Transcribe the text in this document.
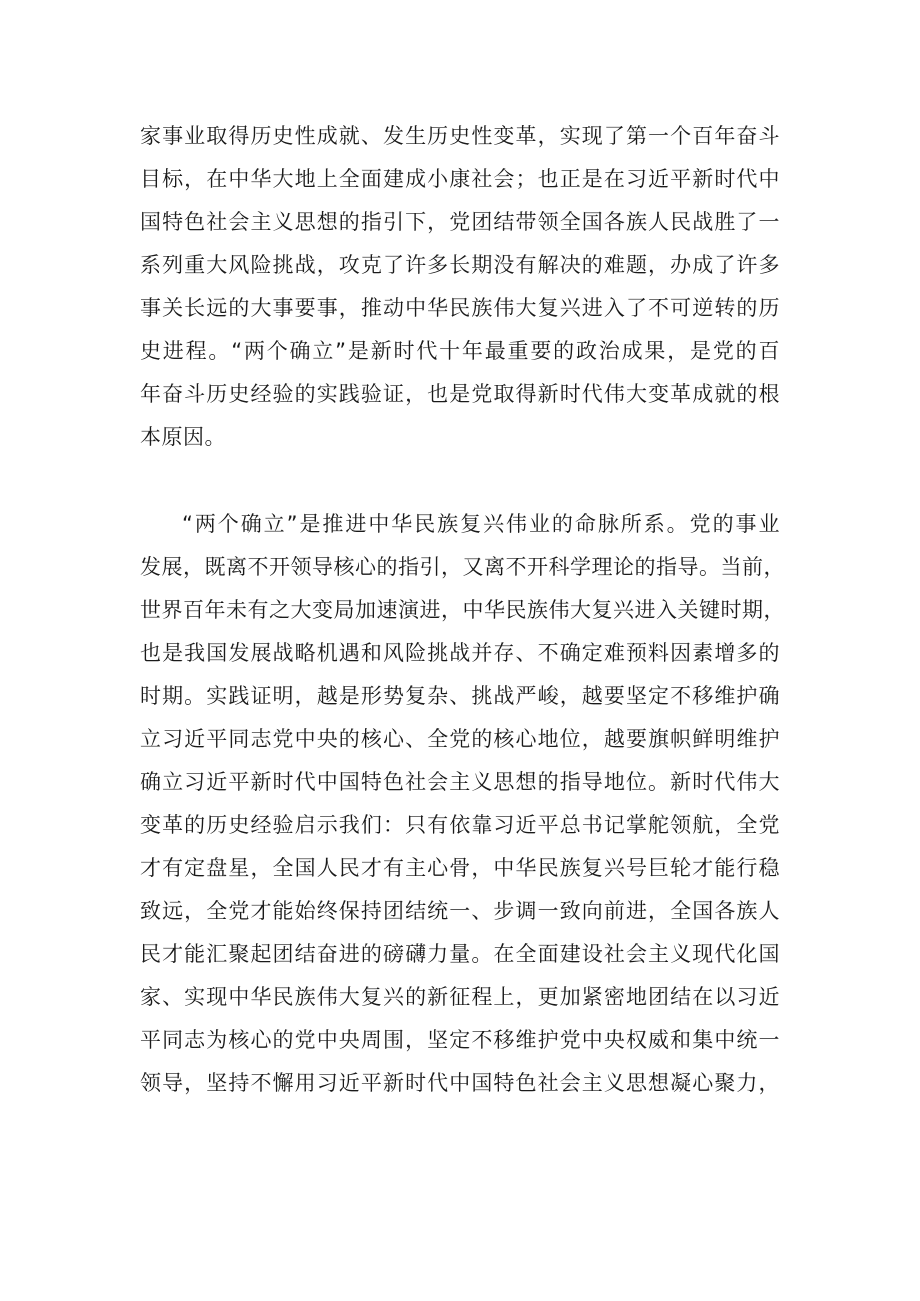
家事业取得历史性成就、发生历史性变革，实现了第一个百年奋斗
目标，在中华大地上全面建成小康社会；也正是在习近平新时代中
国特色社会主义思想的指引下，党团结带领全国各族人民战胜了一
系列重大风险挑战，攻克了许多长期没有解决的难题，办成了许多
事关长远的大事要事，推动中华民族伟大复兴进入了不可逆转的历
史进程。“两个确立”是新时代十年最重要的政治成果，是党的百
年奋斗历史经验的实践验证，也是党取得新时代伟大变革成就的根
本原因。
“两个确立”是推进中华民族复兴伟业的命脉所系。党的事业
发展，既离不开领导核心的指引，又离不开科学理论的指导。当前，
世界百年未有之大变局加速演进，中华民族伟大复兴进入关键时期，
也是我国发展战略机遇和风险挑战并存、不确定难预料因素增多的
时期。实践证明，越是形势复杂、挑战严峻，越要坚定不移维护确
立习近平同志党中央的核心、全党的核心地位，越要旗帜鲜明维护
确立习近平新时代中国特色社会主义思想的指导地位。新时代伟大
变革的历史经验启示我们：只有依靠习近平总书记掌舵领航，全党
才有定盘星，全国人民才有主心骨，中华民族复兴号巨轮才能行稳
致远，全党才能始终保持团结统一、步调一致向前进，全国各族人
民才能汇聚起团结奋进的磅礴力量。在全面建设社会主义现代化国
家、实现中华民族伟大复兴的新征程上，更加紧密地团结在以习近
平同志为核心的党中央周围，坚定不移维护党中央权威和集中统一
领导，坚持不懈用习近平新时代中国特色社会主义思想凝心聚力，
